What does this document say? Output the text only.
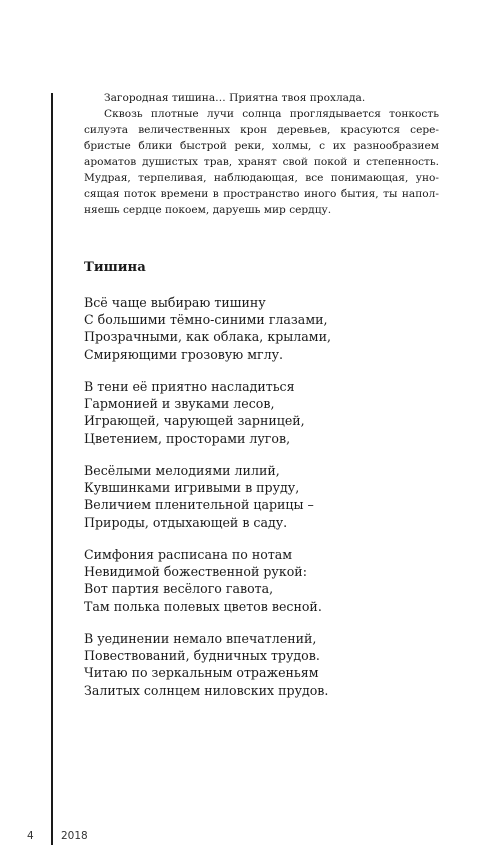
Загородная тишина… Приятна твоя прохлада.

Сквозь плотные лучи солнца проглядывается тонкость силуэта величественных крон деревьев, красуются серебристые блики быстрой реки, холмы, с их разнообразием ароматов душистых трав, хранят свой покой и степенность. Мудрая, терпеливая, наблюдающая, все понимающая, уносящая поток времени в пространство иного бытия, ты наполняешь сердце покоем, даруешь мир сердцу.

Тишина
Всё чаще выбираю тишину
С большими тёмно-синими глазами,
Прозрачными, как облака, крылами,
Смиряющими грозовую мглу.
В тени её приятно насладиться
Гармонией и звуками лесов,
Играющей, чарующей зарницей,
Цветением, просторами лугов,
Весёлыми мелодиями лилий,
Кувшинками игривыми в пруду,
Величием пленительной царицы –
Природы, отдыхающей в саду.
Симфония расписана по нотам
Невидимой божественной рукой:
Вот партия весёлого гавота,
Там полька полевых цветов весной.
В уединении немало впечатлений,
Повествований, будничных трудов.
Читаю по зеркальным отраженьям
Залитых солнцем ниловских прудов.
4	2018
